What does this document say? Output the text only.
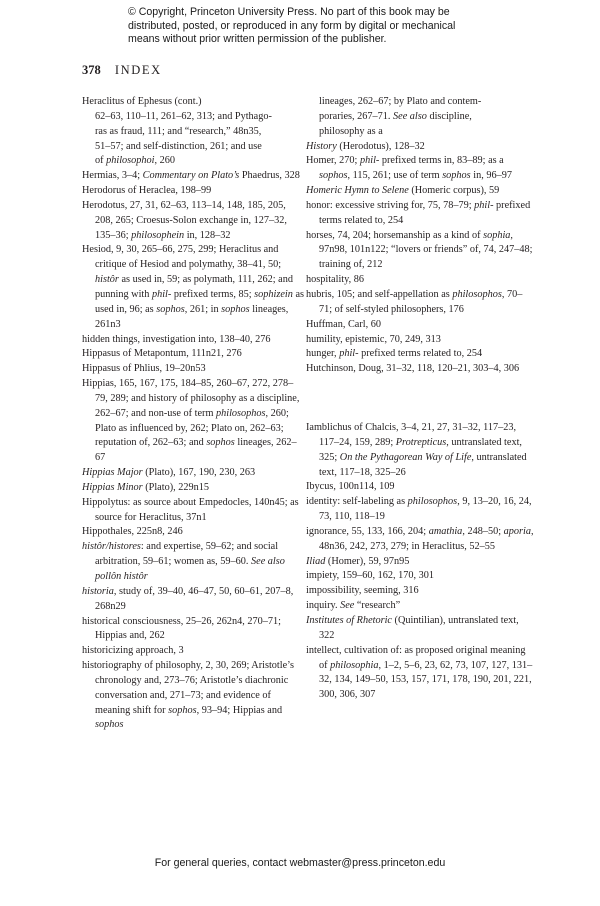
© Copyright, Princeton University Press. No part of this book may be
distributed, posted, or reproduced in any form by digital or mechanical
means without prior written permission of the publisher.
378 INDEX
Heraclitus of Ephesus (cont.)
62–63, 110–11, 261–62, 313; and Pythago-
ras as fraud, 111; and “research,” 48n35,
51–57; and self-distinction, 261; and use
of philosophoi, 260
Hermias, 3–4; Commentary on Plato’s Phaedrus, 328
Herodorus of Heraclea, 198–99
Herodotus, 27, 31, 62–63, 113–14, 148, 185, 205, 208, 265; Croesus-Solon exchange in, 127–32, 135–36; philosophein in, 128–32
Hesiod, 9, 30, 265–66, 275, 299; Heraclitus and critique of Hesiod and polymathy, 38–41, 50; histôr as used in, 59; as polymath, 111, 262; and punning with phil- prefixed terms, 85; sophizein as used in, 96; as sophos, 261; in sophos lineages, 261n3
hidden things, investigation into, 138–40, 276
Hippasus of Metapontum, 111n21, 276
Hippasus of Phlius, 19–20n53
Hippias, 165, 167, 175, 184–85, 260–67, 272, 278–79, 289; and history of philosophy as a discipline, 262–67; and non-use of term philosophos, 260; Plato as influenced by, 262; Plato on, 262–63; reputation of, 262–63; and sophos lineages, 262–67
Hippias Major (Plato), 167, 190, 230, 263
Hippias Minor (Plato), 229n15
Hippolytus: as source about Empedocles, 140n45; as source for Heraclitus, 37n1
Hippothales, 225n8, 246
histôr/histores: and expertise, 59–62; and social arbitration, 59–61; women as, 59–60. See also pollôn histôr
historia, study of, 39–40, 46–47, 50, 60–61, 207–8, 268n29
historical consciousness, 25–26, 262n4, 270–71; Hippias and, 262
historicizing approach, 3
historiography of philosophy, 2, 30, 269; Aristotle’s chronology and, 273–76; Aristotle’s diachronic conversation and, 271–73; and evidence of meaning shift for sophos, 93–94; Hippias and sophos
lineages, 262–67; by Plato and contem-
poraries, 267–71. See also discipline,
philosophy as a
History (Herodotus), 128–32
Homer, 270; phil- prefixed terms in, 83–89; as a sophos, 115, 261; use of term sophos in, 96–97
Homeric Hymn to Selene (Homeric corpus), 59
honor: excessive striving for, 75, 78–79; phil- prefixed terms related to, 254
horses, 74, 204; horsemanship as a kind of sophia, 97n98, 101n122; “lovers or friends” of, 74, 247–48; training of, 212
hospitality, 86
hubris, 105; and self-appellation as philosophos, 70–71; of self-styled philosophers, 176
Huffman, Carl, 60
humility, epistemic, 70, 249, 313
hunger, phil- prefixed terms related to, 254
Hutchinson, Doug, 31–32, 118, 120–21, 303–4, 306
Iamblichus of Chalcis, 3–4, 21, 27, 31–32, 117–23, 117–24, 159, 289; Protrepticus, untranslated text, 325; On the Pythagorean Way of Life, untranslated text, 117–18, 325–26
Ibycus, 100n114, 109
identity: self-labeling as philosophos, 9, 13–20, 16, 24, 73, 110, 118–19
ignorance, 55, 133, 166, 204; amathia, 248–50; aporia, 48n36, 242, 273, 279; in Heraclitus, 52–55
Iliad (Homer), 59, 97n95
impiety, 159–60, 162, 170, 301
impossibility, seeming, 316
inquiry. See “research”
Institutes of Rhetoric (Quintilian), untranslated text, 322
intellect, cultivation of: as proposed original meaning of philosophia, 1–2, 5–6, 23, 62, 73, 107, 127, 131–32, 134, 149–50, 153, 157, 171, 178, 190, 201, 221, 300, 306, 307
For general queries, contact webmaster@press.princeton.edu
